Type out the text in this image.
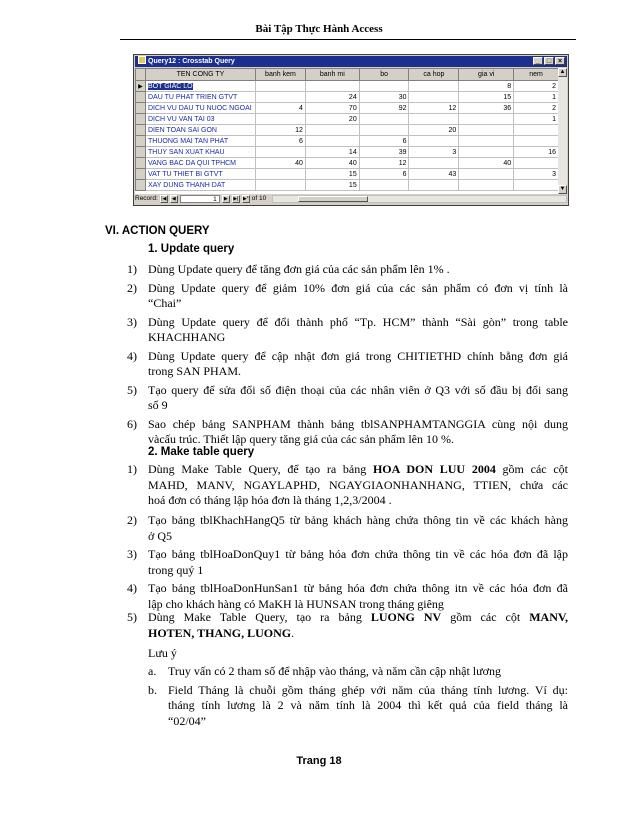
Bài Tập Thực Hành Access
Query12 : Crosstab Query	_ □ ×
	TEN CONG TY	banh kem	banh mi	bo	ca hop	gia vi	nem
▶	BOT GIAC LO					8	2
	DAU TU PHAT TRIEN GTVT		24	30		15	1
	DICH VU DAU TU NUOC NGOAI	4	70	92	12	36	2
	DICH VU VAN TAI 03		20				1
	DIEN TOAN SAI GON	12			20		
	THUONG MAI TAN PHAT	6		6			
	THUY SAN XUAT KHAU		14	39	3		16
	VANG BAC DA QUI TPHCM	40	40	12		40	
	VAT TU THIET BI GTVT		15	6	43		3
	XAY DUNG THANH DAT		15				
▲
▼
Record: |◀	◀	1	▶	▶| ▶* of 10
VI. ACTION QUERY
1. Update query
1) Dùng Update query để tăng đơn giá của các sản phẩm lên 1% .
2) Dùng Update query để giảm 10% đơn giá của các sản phẩm có đơn vị tính là
“Chai”
3) Dùng Update query để đổi thành phố “Tp. HCM” thành “Sài gòn” trong table
KHACHHANG
4) Dùng Update query để cập nhật đơn giá trong CHITIETHD chính bằng đơn giá
trong SAN PHAM.
5) Tạo query để sửa đổi số điện thoại của các nhân viên ở Q3 với số đầu bị đổi sang
số 9
6) Sao chép bảng SANPHAM thành bảng tblSANPHAMTANGGIA cùng nội dung
vàcấu trúc. Thiết lập query tăng giá của các sản phẩm lên 10 %.
2. Make table query
1) Dùng Make Table Query, để tạo ra bảng HOA DON LUU 2004 gồm các cột
MAHD, MANV, NGAYLAPHD, NGAYGIAONHANHANG, TTIEN, chứa các
hoá đơn có tháng lập hóa đơn là tháng 1,2,3/2004 .
2) Tạo bảng tblKhachHangQ5 từ bảng khách hàng chứa thông tin về các khách hàng
ở Q5
3) Tạo bảng tblHoaDonQuy1 từ bảng hóa đơn chứa thông tin về các hóa đơn đã lập
trong quý 1
4) Tạo bảng tblHoaDonHunSan1 từ bảng hóa đơn chứa thông itn về các hóa đơn đã
lập cho khách hàng có MaKH là HUNSAN trong tháng giêng
5) Dùng Make Table Query, tạo ra bảng LUONG NV gồm các cột MANV,
HOTEN, THANG, LUONG.
Lưu ý
a. Truy vấn có 2 tham số để nhập vào tháng, và năm cần cập nhật lương
b. Field Tháng là chuỗi gồm tháng ghép với năm của tháng tính lương. Ví dụ:
tháng tính lương là 2 và năm tính là 2004 thì kết quả của field tháng là
“02/04”
Trang 18
